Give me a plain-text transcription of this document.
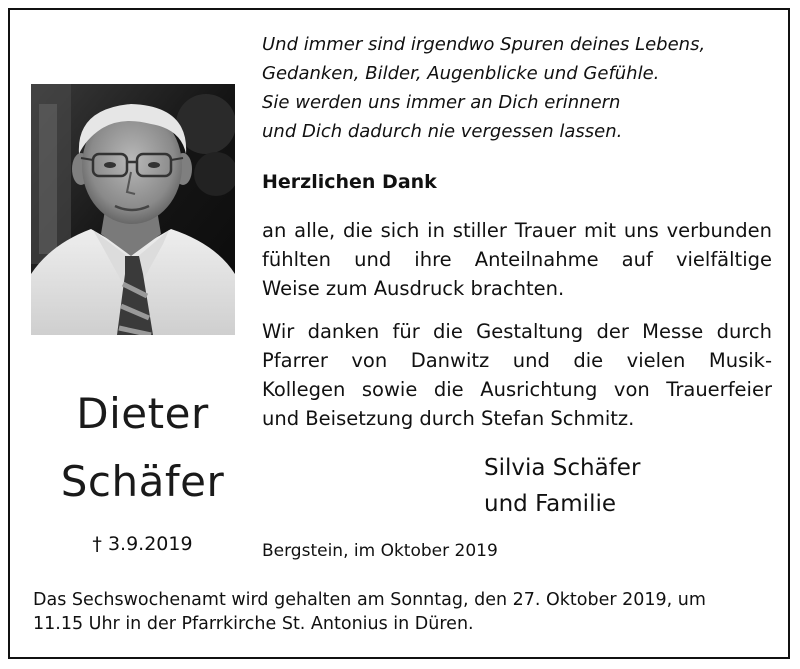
Dieter
Schäfer
† 3.9.2019
Und immer sind irgendwo Spuren deines Lebens,
Gedanken, Bilder, Augenblicke und Gefühle.
Sie werden uns immer an Dich erinnern
und Dich dadurch nie vergessen lassen.
Herzlichen Dank
an alle, die sich in stiller Trauer mit uns verbunden
fühlten und ihre Anteilnahme auf vielfältige
Weise zum Ausdruck brachten.
Wir danken für die Gestaltung der Messe durch
Pfarrer von Danwitz und die vielen Musik-
Kollegen sowie die Ausrichtung von Trauerfeier
und Beisetzung durch Stefan Schmitz.
Silvia Schäfer
und Familie
Bergstein, im Oktober 2019
Das Sechswochenamt wird gehalten am Sonntag, den 27. Oktober 2019, um
11.15 Uhr in der Pfarrkirche St. Antonius in Düren.
